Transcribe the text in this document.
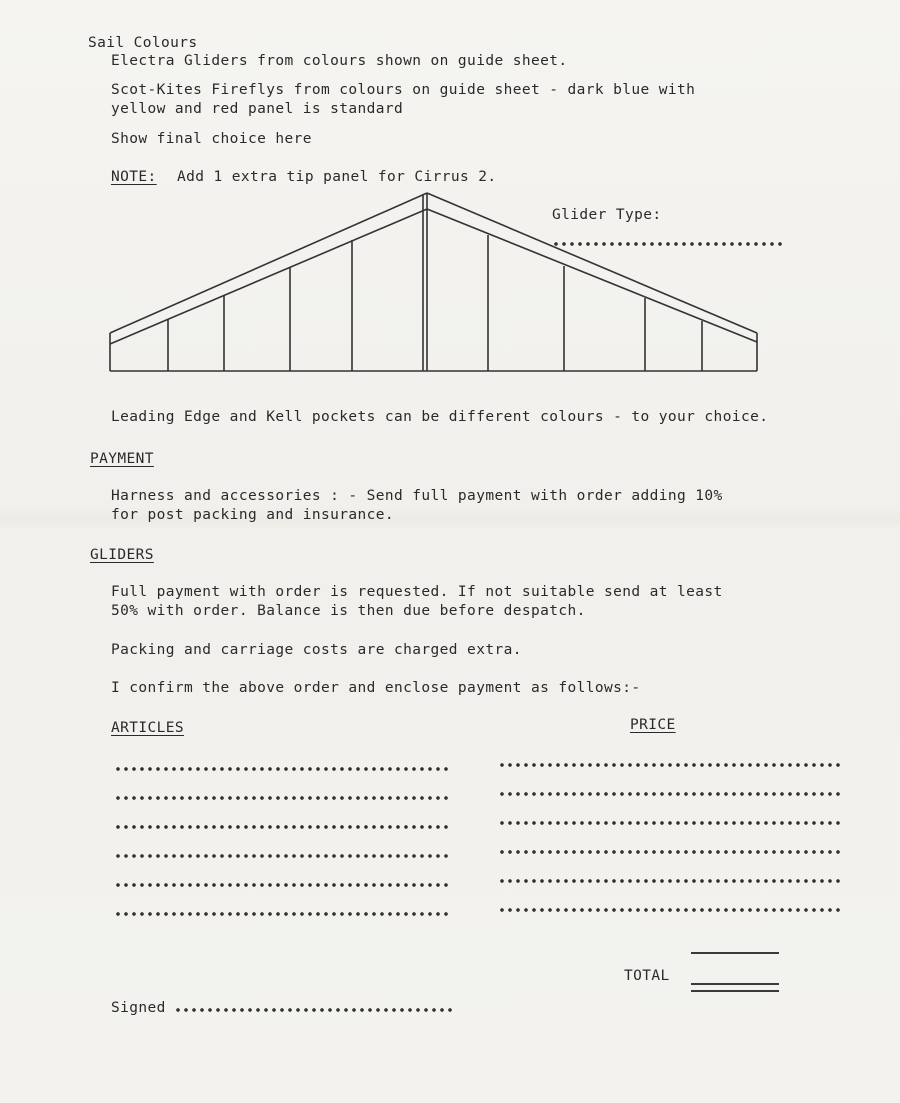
Sail Colours
Electra Gliders from colours shown on guide sheet.
Scot-Kites Fireflys from colours on guide sheet - dark blue with
yellow and red panel is standard
Show final choice here
NOTE: Add 1 extra tip panel for Cirrus 2.
Glider Type:
Leading Edge and Kell pockets can be different colours - to your choice.
PAYMENT
Harness and accessories : - Send full payment with order adding 10%
for post packing and insurance.
GLIDERS
Full payment with order is requested. If not suitable send at least
50% with order. Balance is then due before despatch.
Packing and carriage costs are charged extra.
I confirm the above order and enclose payment as follows:-
ARTICLES	PRICE
TOTAL
Signed
